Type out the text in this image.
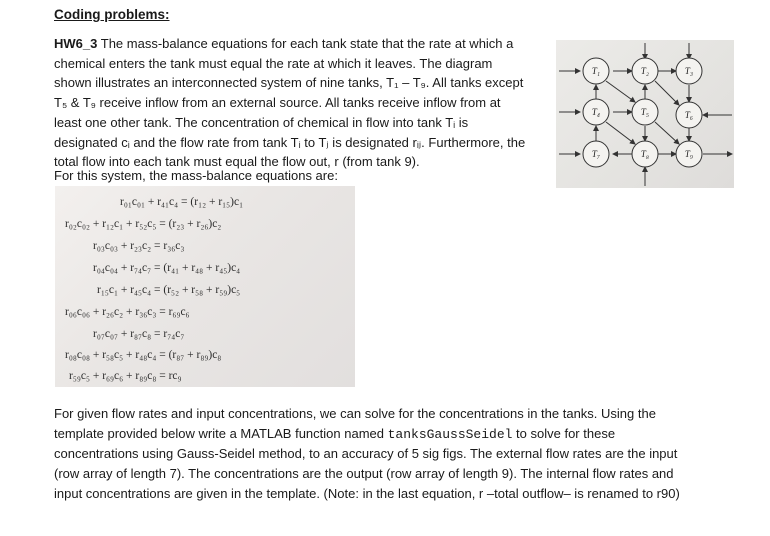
Coding problems:
HW6_3 The mass-balance equations for each tank state that the rate at which a
chemical enters the tank must equal the rate at which it leaves. The diagram
shown illustrates an interconnected system of nine tanks, T₁ – T₉. All tanks except
T₅ & T₉ receive inflow from an external source. All tanks receive inflow from at
least one other tank. The concentration of chemical in flow into tank Tᵢ is
designated cᵢ and the flow rate from tank Tᵢ to Tⱼ is designated rᵢⱼ. Furthermore, the
total flow into each tank must equal the flow out, r (from tank 9).
For this system, the mass-balance equations are:
r₀₁c₀₁ + r₄₁c₄ = (r₁₂ + r₁₅)c₁
r₀₂c₀₂ + r₁₂c₁ + r₅₂c₅ = (r₂₃ + r₂₆)c₂
r₀₃c₀₃ + r₂₃c₂ = r₃₆c₃
r₀₄c₀₄ + r₇₄c₇ = (r₄₁ + r₄₈ + r₄₅)c₄
r₁₅c₁ + r₄₅c₄ = (r₅₂ + r₅₈ + r₅₉)c₅
r₀₆c₀₆ + r₂₆c₂ + r₃₆c₃ = r₆₉c₆
r₀₇c₀₇ + r₈₇c₈ = r₇₄c₇
r₀₈c₀₈ + r₅₈c₅ + r₄₈c₄ = (r₈₇ + r₈₉)c₈
r₅₉c₅ + r₆₉c₆ + r₈₉c₈ = rc₉
T₁	T₂	T₃
T₄	T₅	T₆
T₇	T₈	T₉
For given flow rates and input concentrations, we can solve for the concentrations in the tanks. Using the
template provided below write a MATLAB function named tanksGaussSeidel to solve for these
concentrations using Gauss-Seidel method, to an accuracy of 5 sig figs. The external flow rates are the input
(row array of length 7). The concentrations are the output (row array of length 9). The internal flow rates and
input concentrations are given in the template. (Note: in the last equation, r –total outflow– is renamed to r90)
